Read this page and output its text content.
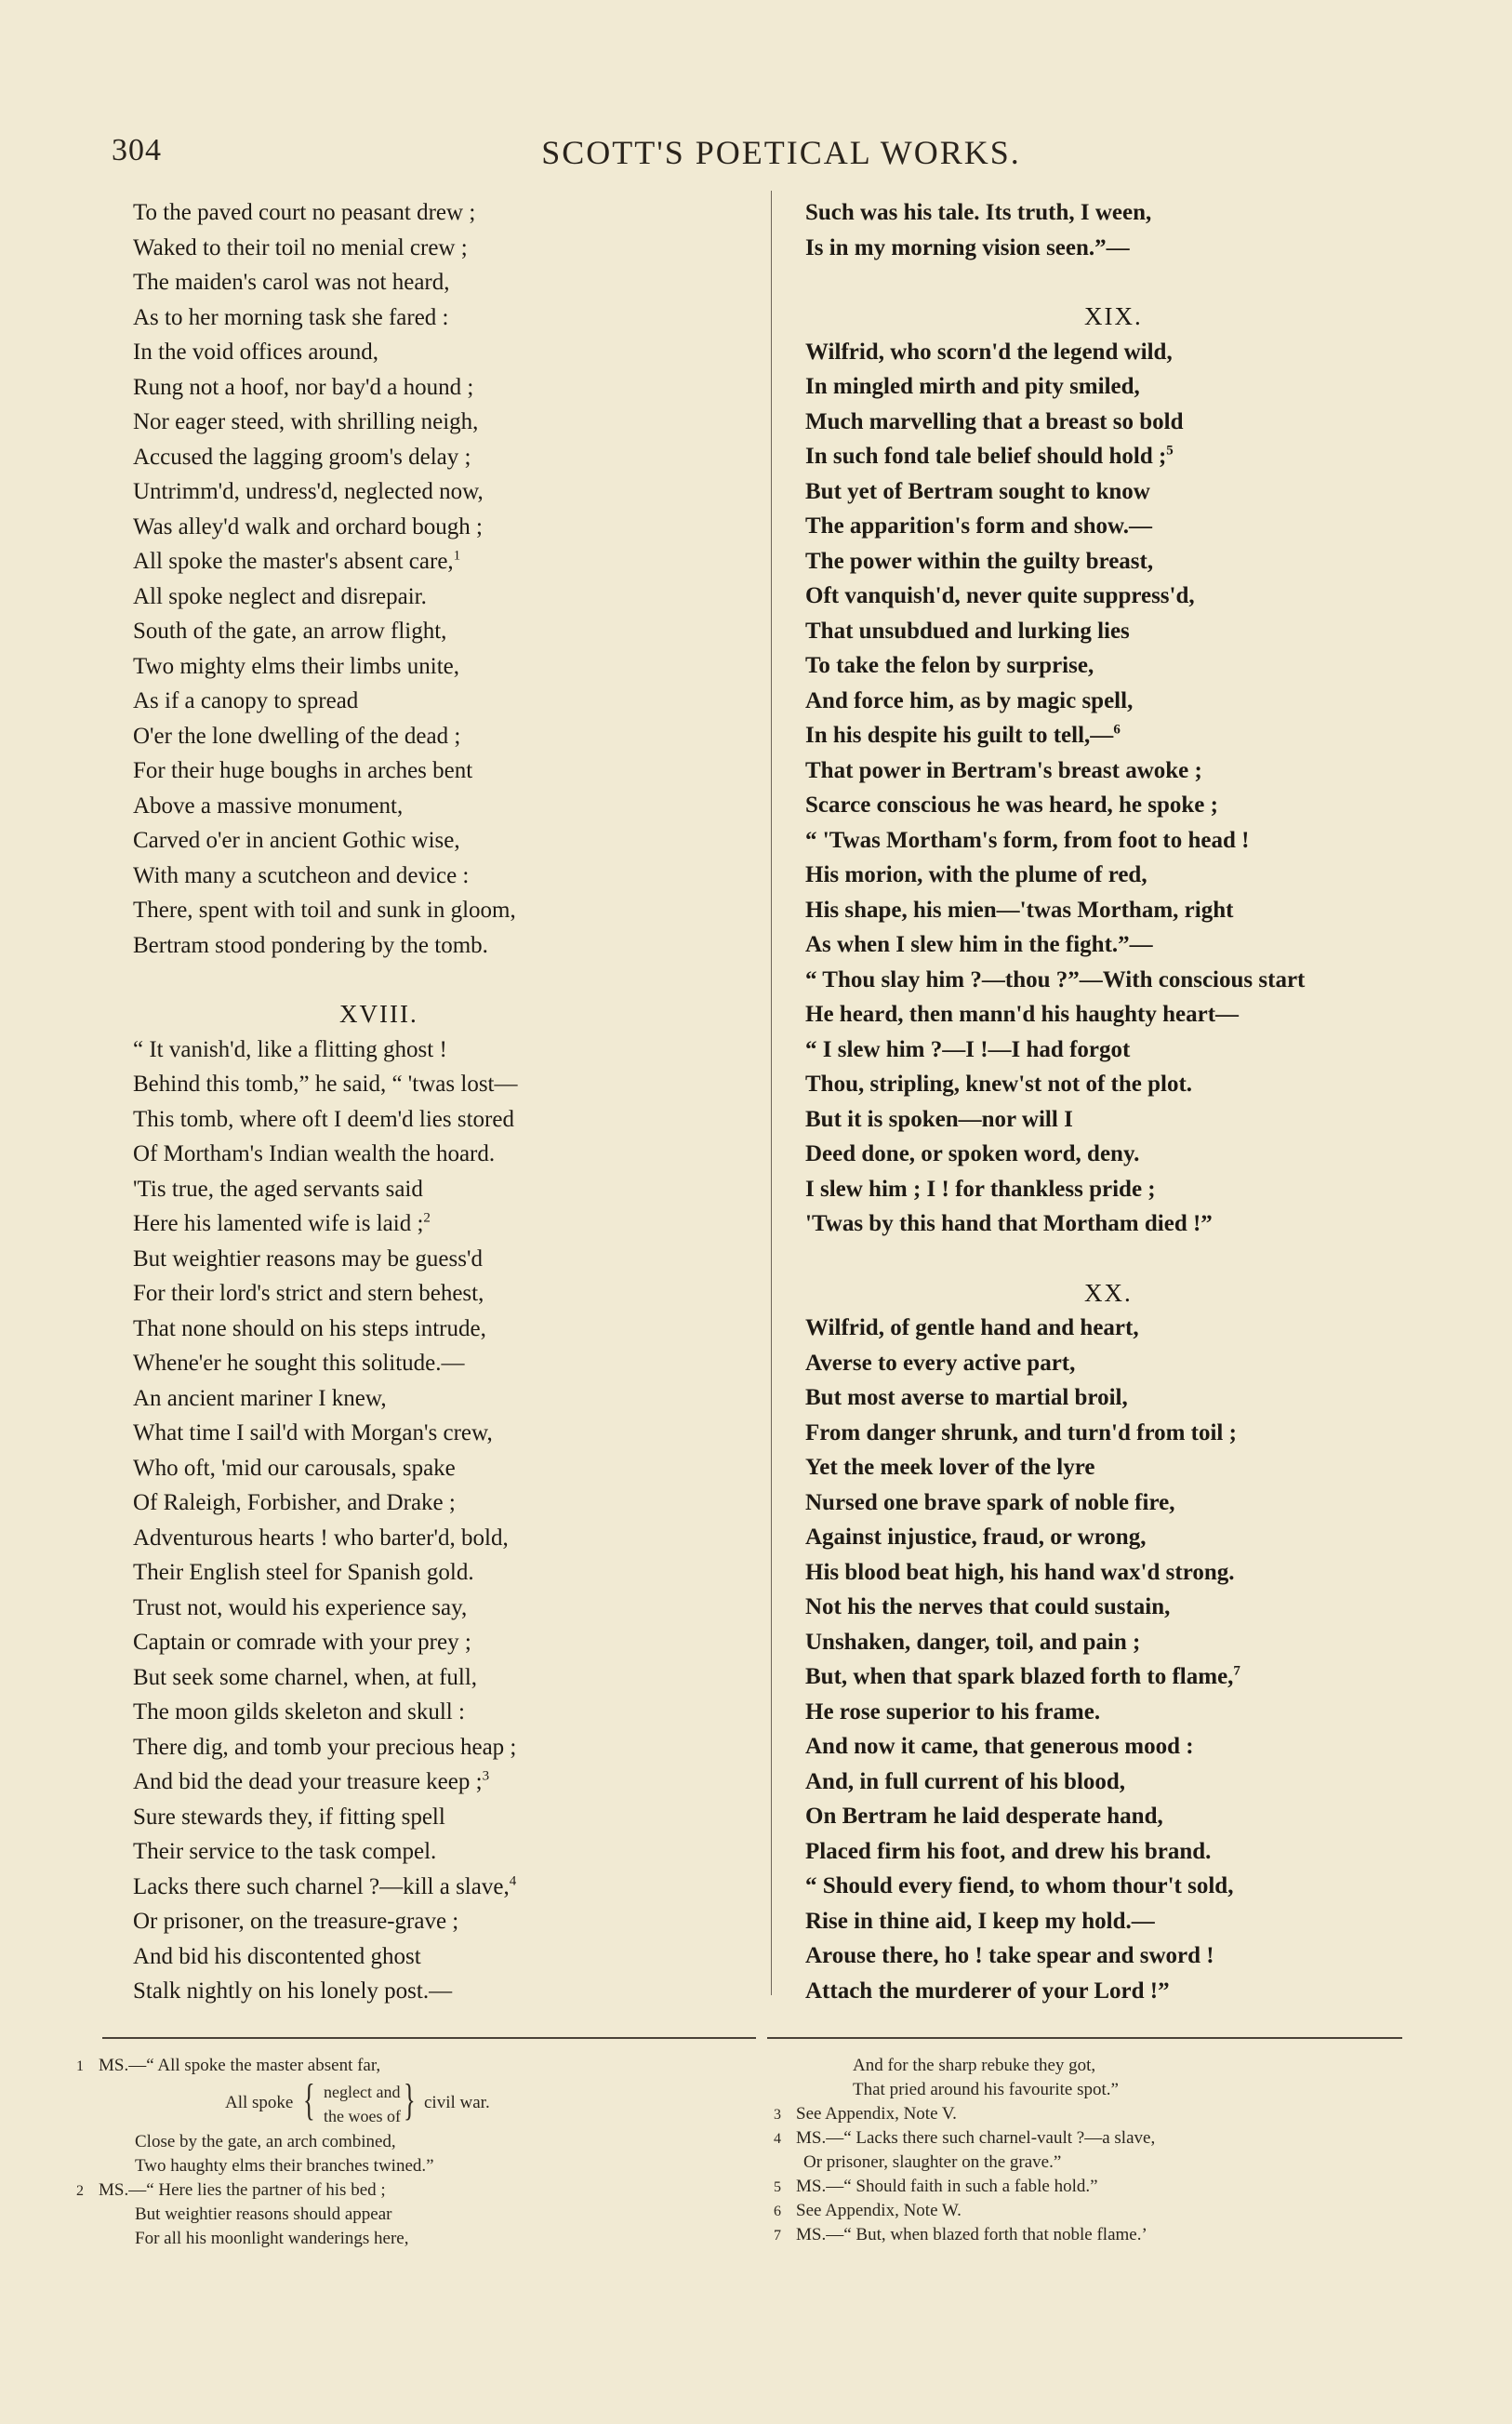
304	SCOTT'S POETICAL WORKS.
To the paved court no peasant drew ;
Waked to their toil no menial crew ;
The maiden's carol was not heard,
As to her morning task she fared :
In the void offices around,
Rung not a hoof, nor bay'd a hound ;
Nor eager steed, with shrilling neigh,
Accused the lagging groom's delay ;
Untrimm'd, undress'd, neglected now,
Was alley'd walk and orchard bough ;
All spoke the master's absent care,$^1$
All spoke neglect and disrepair.
South of the gate, an arrow flight,
Two mighty elms their limbs unite,
As if a canopy to spread
O'er the lone dwelling of the dead ;
For their huge boughs in arches bent
Above a massive monument,
Carved o'er in ancient Gothic wise,
With many a scutcheon and device :
There, spent with toil and sunk in gloom,
Bertram stood pondering by the tomb.
XVIII.
“ It vanish'd, like a flitting ghost !
Behind this tomb,” he said, “ 'twas lost—
This tomb, where oft I deem'd lies stored
Of Mortham's Indian wealth the hoard.
'Tis true, the aged servants said
Here his lamented wife is laid ;$^2$
But weightier reasons may be guess'd
For their lord's strict and stern behest,
That none should on his steps intrude,
Whene'er he sought this solitude.—
An ancient mariner I knew,
What time I sail'd with Morgan's crew,
Who oft, 'mid our carousals, spake
Of Raleigh, Forbisher, and Drake ;
Adventurous hearts ! who barter'd, bold,
Their English steel for Spanish gold.
Trust not, would his experience say,
Captain or comrade with your prey ;
But seek some charnel, when, at full,
The moon gilds skeleton and skull :
There dig, and tomb your precious heap ;
And bid the dead your treasure keep ;$^3$
Sure stewards they, if fitting spell
Their service to the task compel.
Lacks there such charnel ?—kill a slave,$^4$
Or prisoner, on the treasure-grave ;
And bid his discontented ghost
Stalk nightly on his lonely post.—
Such was his tale. Its truth, I ween,
Is in my morning vision seen.”—
XIX.
Wilfrid, who scorn'd the legend wild,
In mingled mirth and pity smiled,
Much marvelling that a breast so bold
In such fond tale belief should hold ;$^5$
But yet of Bertram sought to know
The apparition's form and show.—
The power within the guilty breast,
Oft vanquish'd, never quite suppress'd,
That unsubdued and lurking lies
To take the felon by surprise,
And force him, as by magic spell,
In his despite his guilt to tell,—$^6$
That power in Bertram's breast awoke ;
Scarce conscious he was heard, he spoke ;
“ 'Twas Mortham's form, from foot to head !
His morion, with the plume of red,
His shape, his mien—'twas Mortham, right
As when I slew him in the fight.”—
“ Thou slay him ?—thou ?”—With conscious start
He heard, then mann'd his haughty heart—
“ I slew him ?—I !—I had forgot
Thou, stripling, knew'st not of the plot.
But it is spoken—nor will I
Deed done, or spoken word, deny.
I slew him ; I ! for thankless pride ;
'Twas by this hand that Mortham died !”
XX.
Wilfrid, of gentle hand and heart,
Averse to every active part,
But most averse to martial broil,
From danger shrunk, and turn'd from toil ;
Yet the meek lover of the lyre
Nursed one brave spark of noble fire,
Against injustice, fraud, or wrong,
His blood beat high, his hand wax'd strong.
Not his the nerves that could sustain,
Unshaken, danger, toil, and pain ;
But, when that spark blazed forth to flame,$^7$
He rose superior to his frame.
And now it came, that generous mood :
And, in full current of his blood,
On Bertram he laid desperate hand,
Placed firm his foot, and drew his brand.
“ Should every fiend, to whom thour't sold,
Rise in thine aid, I keep my hold.—
Arouse there, ho ! take spear and sword !
Attach the murderer of your Lord !”
1 MS.—“ All spoke the master absent far,
All spoke { neglect and
the woes of } civil war.
Close by the gate, an arch combined,
Two haughty elms their branches twined.”
2 MS.—“ Here lies the partner of his bed ;
But weightier reasons should appear
For all his moonlight wanderings here,
And for the sharp rebuke they got,
That pried around his favourite spot.”
3 See Appendix, Note V.
4 MS.—“ Lacks there such charnel-vault ?—a slave,
Or prisoner, slaughter on the grave.”
5 MS.—“ Should faith in such a fable hold.”
6 See Appendix, Note W.
7 MS.—“ But, when blazed forth that noble flame.’
